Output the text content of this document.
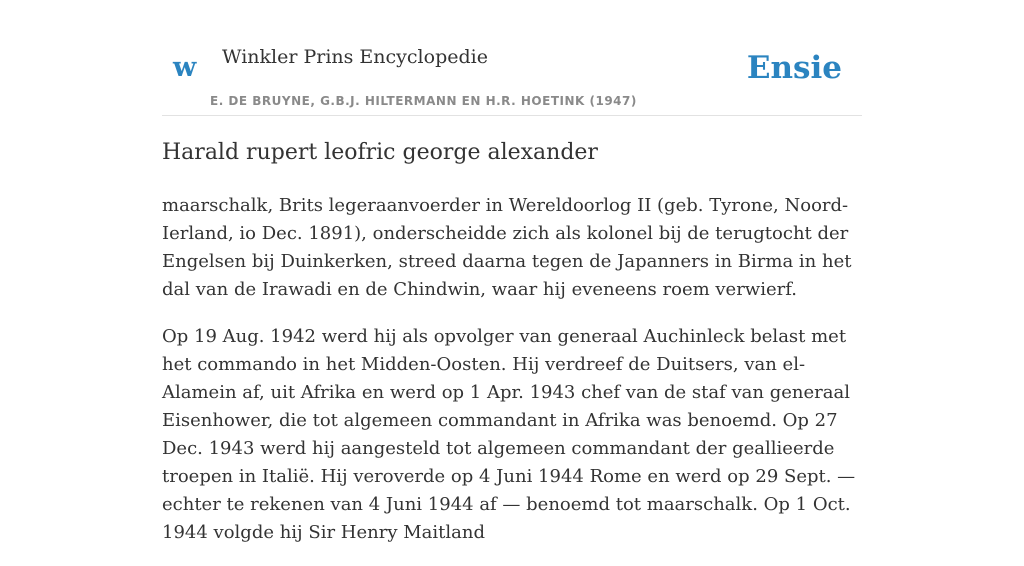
w Winkler Prins Encyclopedie
E. DE BRUYNE, G.B.J. HILTERMANN EN H.R. HOETINK (1947)
Ensie
Harald rupert leofric george alexander

maarschalk, Brits legeraanvoerder in Wereldoorlog II (geb. Tyrone, Noord-Ierland, io Dec. 1891), onderscheidde zich als kolonel bij de terugtocht der Engelsen bij Duinkerken, streed daarna tegen de Japanners in Birma in het dal van de Irawadi en de Chindwin, waar hij eveneens roem verwierf.

Op 19 Aug. 1942 werd hij als opvolger van generaal Auchinleck belast met het commando in het Midden-Oosten. Hij verdreef de Duitsers, van el-Alamein af, uit Afrika en werd op 1 Apr. 1943 chef van de staf van generaal Eisenhower, die tot algemeen commandant in Afrika was benoemd. Op 27 Dec. 1943 werd hij aangesteld tot algemeen commandant der geallieerde troepen in Italië. Hij veroverde op 4 Juni 1944 Rome en werd op 29 Sept. — echter te rekenen van 4 Juni 1944 af — benoemd tot maarschalk. Op 1 Oct. 1944 volgde hij Sir Henry Maitland
